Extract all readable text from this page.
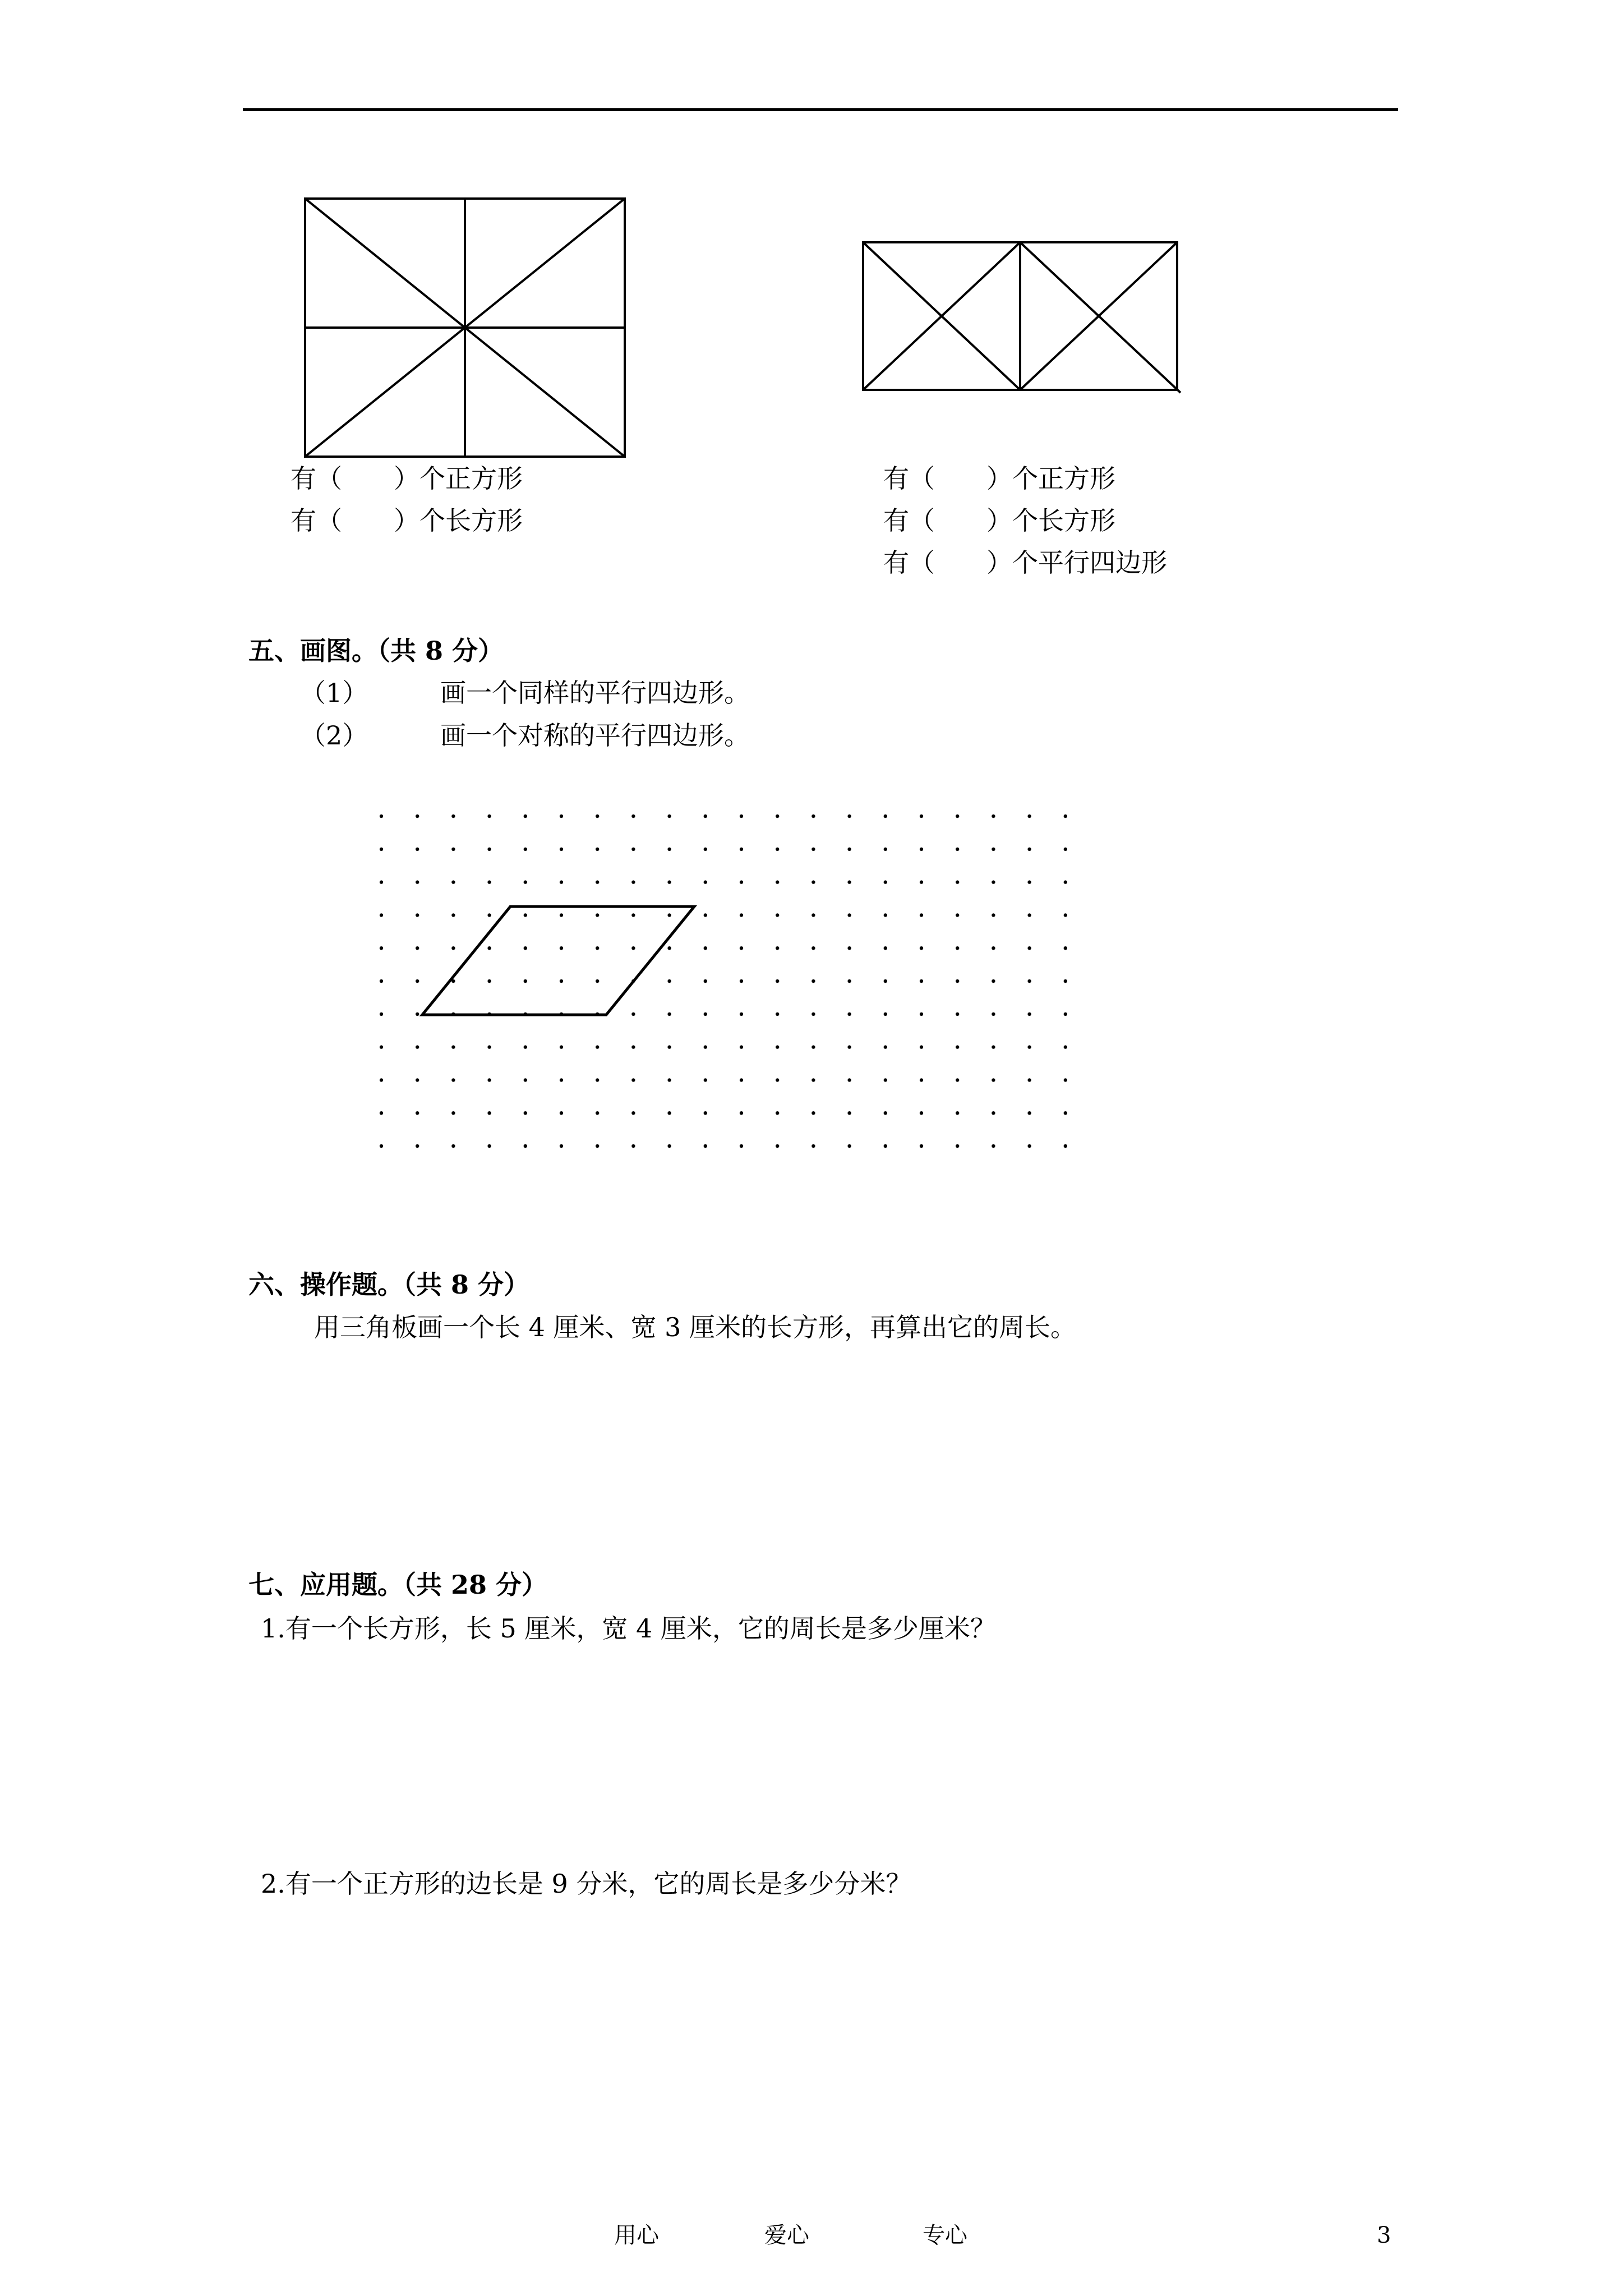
有（　　）个正方形
有（　　）个长方形
有（　　）个正方形
有（　　）个长方形
有（　　）个平行四边形
五、画图。（共 8 分）
（1）	画一个同样的平行四边形。
（2）	画一个对称的平行四边形。
六、操作题。（共 8 分）
用三角板画一个长 4 厘米、宽 3 厘米的长方形，再算出它的周长。
七、应用题。（共 28 分）
1.有一个长方形，长 5 厘米，宽 4 厘米，它的周长是多少厘米？
2.有一个正方形的边长是 9 分米，它的周长是多少分米？
用心	爱心	专心	3
